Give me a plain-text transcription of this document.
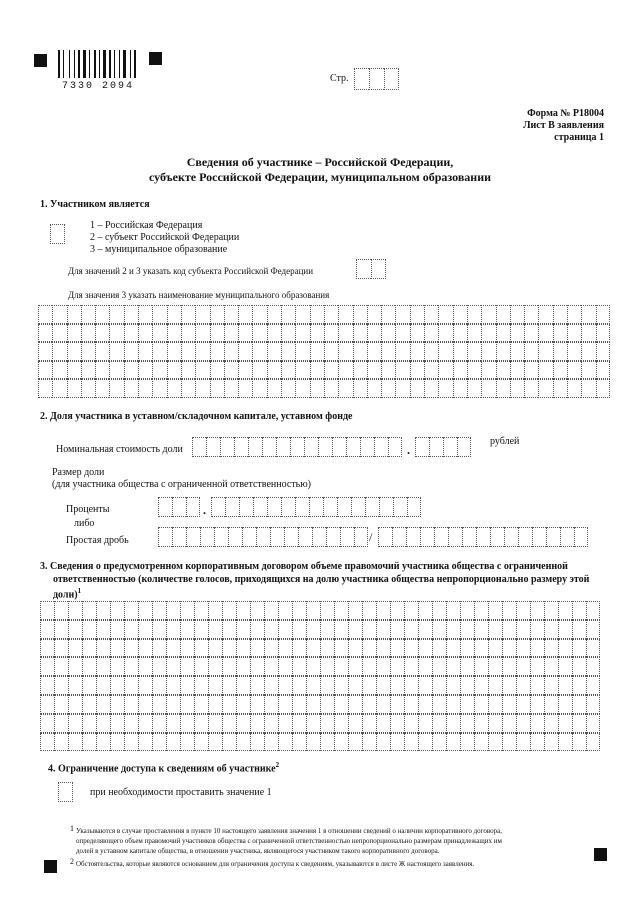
7330 2094
Стр.
Форма № Р18004
Лист В заявления
страница 1
Сведения об участнике – Российской Федерации,
субъекте Российской Федерации, муниципальном образовании
1. Участником является
1 – Российская Федерация
2 – субъект Российской Федерации
3 – муниципальное образование
Для значений 2 и 3 указать код субъекта Российской Федерации
Для значения 3 указать наименование муниципального образования
2. Доля участника в уставном/складочном капитале, уставном фонде
Номинальная стоимость доли	.
рублей
Размер доли
(для участника общества с ограниченной ответственностью)
Проценты	.
либо
Простая дробь	/
3. Сведения о предусмотренном корпоративным договором объеме правомочий участника общества с ограниченной
ответственностью (количестве голосов, приходящихся на долю участника общества непропорционально размеру этой
доли)$^1$
4. Ограничение доступа к сведениям об участнике$^2$
при необходимости проставить значение 1
1 Указываются в случае проставления в пункте 10 настоящего заявления значения 1 в отношении сведений о наличии корпоративного договора,
определяющего объем правомочий участников общества с ограниченной ответственностью непропорционально размерам принадлежащих им
долей в уставном капитале общества, в отношении участника, являющегося участником такого корпоративного договора.
2 Обстоятельства, которые являются основанием для ограничения доступа к сведениям, указываются в листе Ж настоящего заявления.
